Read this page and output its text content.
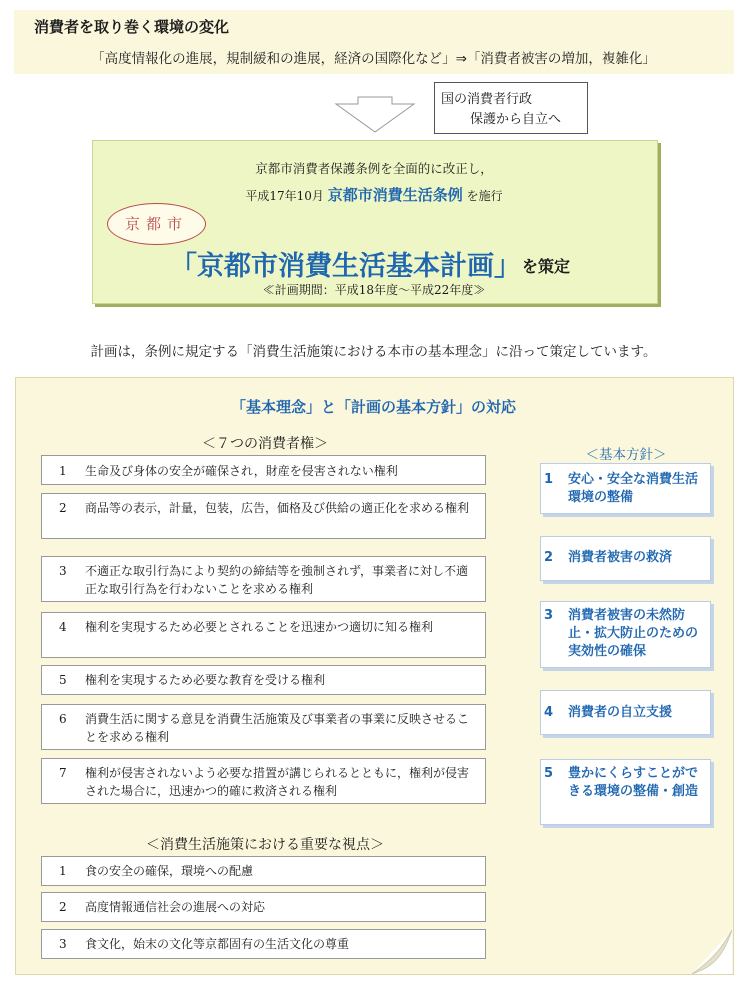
消費者を取り巻く環境の変化
「高度情報化の進展，規制緩和の進展，経済の国際化など」⇒「消費者被害の増加，複雑化」
国の消費者行政
保護から自立へ
京都市消費者保護条例を全面的に改正し，
平成17年10月 京都市消費生活条例 を施行
京都市
「京都市消費生活基本計画」 を策定
≪計画期間：平成18年度～平成22年度≫
計画は，条例に規定する「消費生活施策における本市の基本理念」に沿って策定しています。
「基本理念」と「計画の基本方針」の対応
＜７つの消費者権＞
＜基本方針＞
＜消費生活施策における重要な視点＞
1 生命及び身体の安全が確保され，財産を侵害されない権利
2 商品等の表示，計量，包装，広告，価格及び供給の適正化を求める権利
3 不適正な取引行為により契約の締結等を強制されず，事業者に対し不適正な取引行為を行わないことを求める権利
4 権利を実現するため必要とされることを迅速かつ適切に知る権利
5 権利を実現するため必要な教育を受ける権利
6 消費生活に関する意見を消費生活施策及び事業者の事業に反映させることを求める権利
7 権利が侵害されないよう必要な措置が講じられるとともに，権利が侵害された場合に，迅速かつ的確に救済される権利
1 食の安全の確保，環境への配慮
2 高度情報通信社会の進展への対応
3 食文化，始末の文化等京都固有の生活文化の尊重
1 安心・安全な消費生活環境の整備
2 消費者被害の救済
3 消費者被害の未然防止・拡大防止のための実効性の確保
4 消費者の自立支援
5 豊かにくらすことができる環境の整備・創造
